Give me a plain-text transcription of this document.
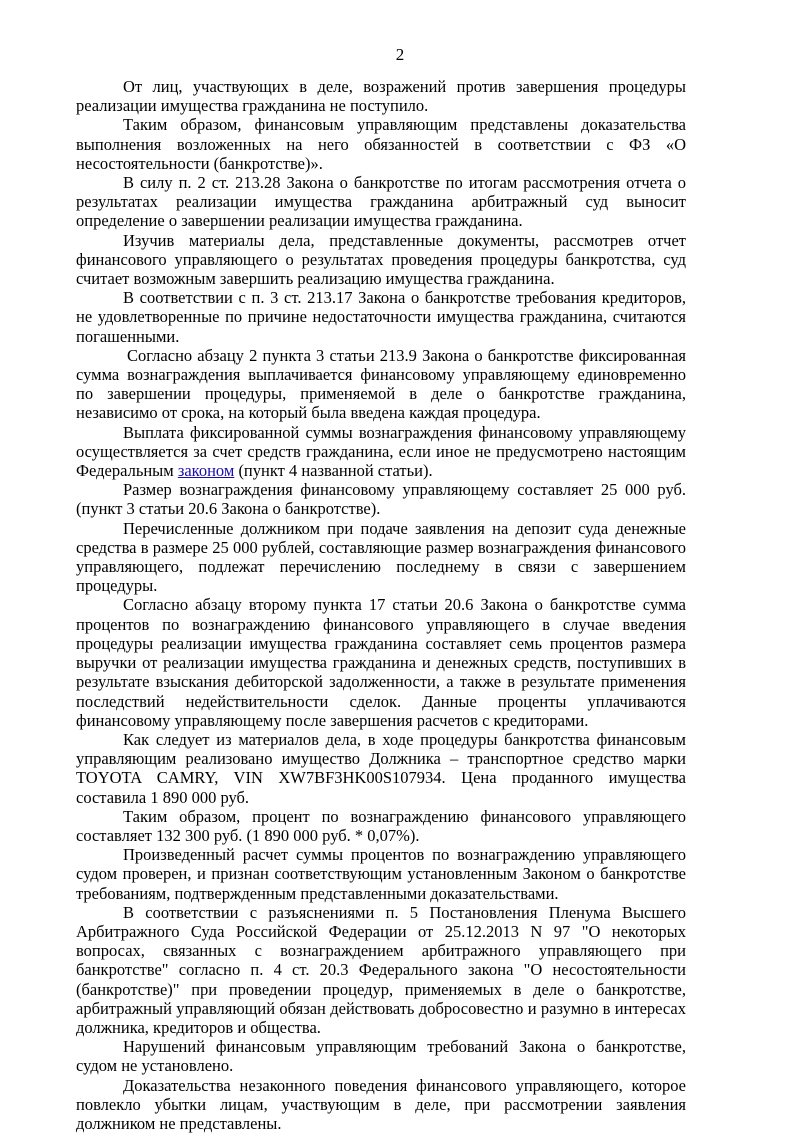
2

От лиц, участвующих в деле, возражений против завершения процедуры реализации имущества гражданина не поступило.

Таким образом, финансовым управляющим представлены доказательства выполнения возложенных на него обязанностей в соответствии с ФЗ «О несостоятельности (банкротстве)».

В силу п. 2 ст. 213.28 Закона о банкротстве по итогам рассмотрения отчета о результатах реализации имущества гражданина арбитражный суд выносит определение о завершении реализации имущества гражданина.

Изучив материалы дела, представленные документы, рассмотрев отчет финансового управляющего о результатах проведения процедуры банкротства, суд считает возможным завершить реализацию имущества гражданина.

В соответствии с п. 3 ст. 213.17 Закона о банкротстве требования кредиторов, не удовлетворенные по причине недостаточности имущества гражданина, считаются погашенными.

Согласно абзацу 2 пункта 3 статьи 213.9 Закона о банкротстве фиксированная сумма вознаграждения выплачивается финансовому управляющему единовременно по завершении процедуры, применяемой в деле о банкротстве гражданина, независимо от срока, на который была введена каждая процедура.

Выплата фиксированной суммы вознаграждения финансовому управляющему осуществляется за счет средств гражданина, если иное не предусмотрено настоящим Федеральным законом (пункт 4 названной статьи).

Размер вознаграждения финансовому управляющему составляет 25 000 руб. (пункт 3 статьи 20.6 Закона о банкротстве).

Перечисленные должником при подаче заявления на депозит суда денежные средства в размере 25 000 рублей, составляющие размер вознаграждения финансового управляющего, подлежат перечислению последнему в связи с завершением процедуры.

Согласно абзацу второму пункта 17 статьи 20.6 Закона о банкротстве сумма процентов по вознаграждению финансового управляющего в случае введения процедуры реализации имущества гражданина составляет семь процентов размера выручки от реализации имущества гражданина и денежных средств, поступивших в результате взыскания дебиторской задолженности, а также в результате применения последствий недействительности сделок. Данные проценты уплачиваются финансовому управляющему после завершения расчетов с кредиторами.

Как следует из материалов дела, в ходе процедуры банкротства финансовым управляющим реализовано имущество Должника – транспортное средство марки TOYOTA CAMRY, VIN XW7BF3HK00S107934. Цена проданного имущества составила 1 890 000 руб.

Таким образом, процент по вознаграждению финансового управляющего составляет 132 300 руб. (1 890 000 руб. * 0,07%).

Произведенный расчет суммы процентов по вознаграждению управляющего судом проверен, и признан соответствующим установленным Законом о банкротстве требованиям, подтвержденным представленными доказательствами.

В соответствии с разъяснениями п. 5 Постановления Пленума Высшего Арбитражного Суда Российской Федерации от 25.12.2013 N 97 "О некоторых вопросах, связанных с вознаграждением арбитражного управляющего при банкротстве" согласно п. 4 ст. 20.3 Федерального закона "О несостоятельности (банкротстве)" при проведении процедур, применяемых в деле о банкротстве, арбитражный управляющий обязан действовать добросовестно и разумно в интересах должника, кредиторов и общества.

Нарушений финансовым управляющим требований Закона о банкротстве, судом не установлено.

Доказательства незаконного поведения финансового управляющего, которое повлекло убытки лицам, участвующим в деле, при рассмотрении заявления должником не представлены.
